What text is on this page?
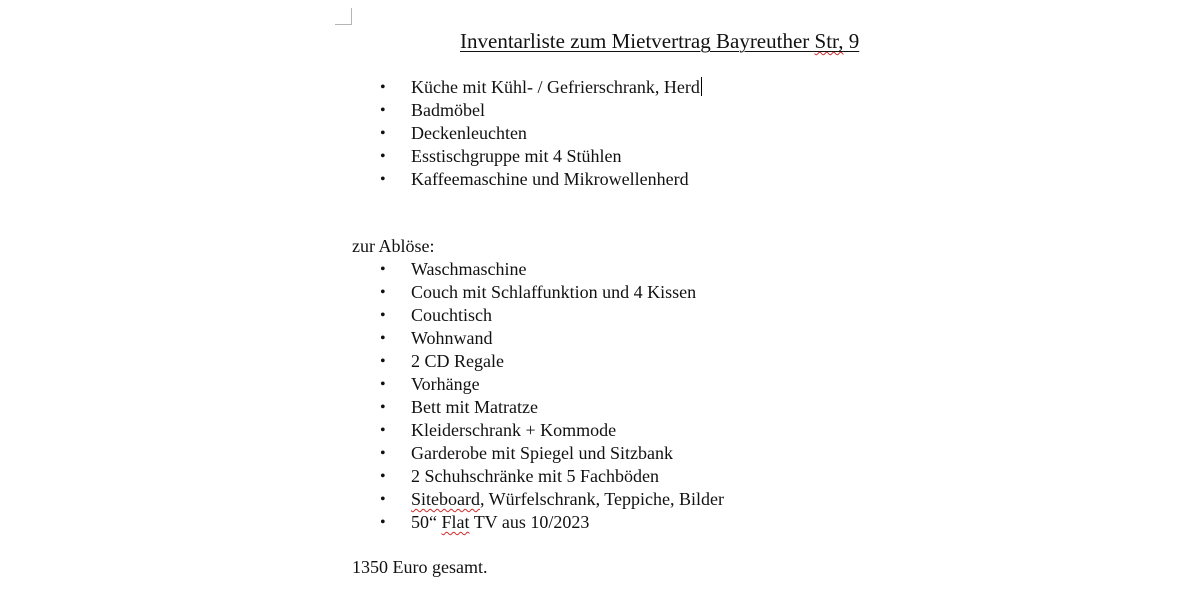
Inventarliste zum Mietvertrag Bayreuther Str, 9
•	Küche mit Kühl- / Gefrierschrank, Herd
•	Badmöbel
•	Deckenleuchten
•	Esstischgruppe mit 4 Stühlen
•	Kaffeemaschine und Mikrowellenherd
zur Ablöse:
•	Waschmaschine
•	Couch mit Schlaffunktion und 4 Kissen
•	Couchtisch
•	Wohnwand
•	2 CD Regale
•	Vorhänge
•	Bett mit Matratze
•	Kleiderschrank + Kommode
•	Garderobe mit Spiegel und Sitzbank
•	2 Schuhschränke mit 5 Fachböden
•	Siteboard, Würfelschrank, Teppiche, Bilder
•	50“ Flat TV aus 10/2023
1350 Euro gesamt.
